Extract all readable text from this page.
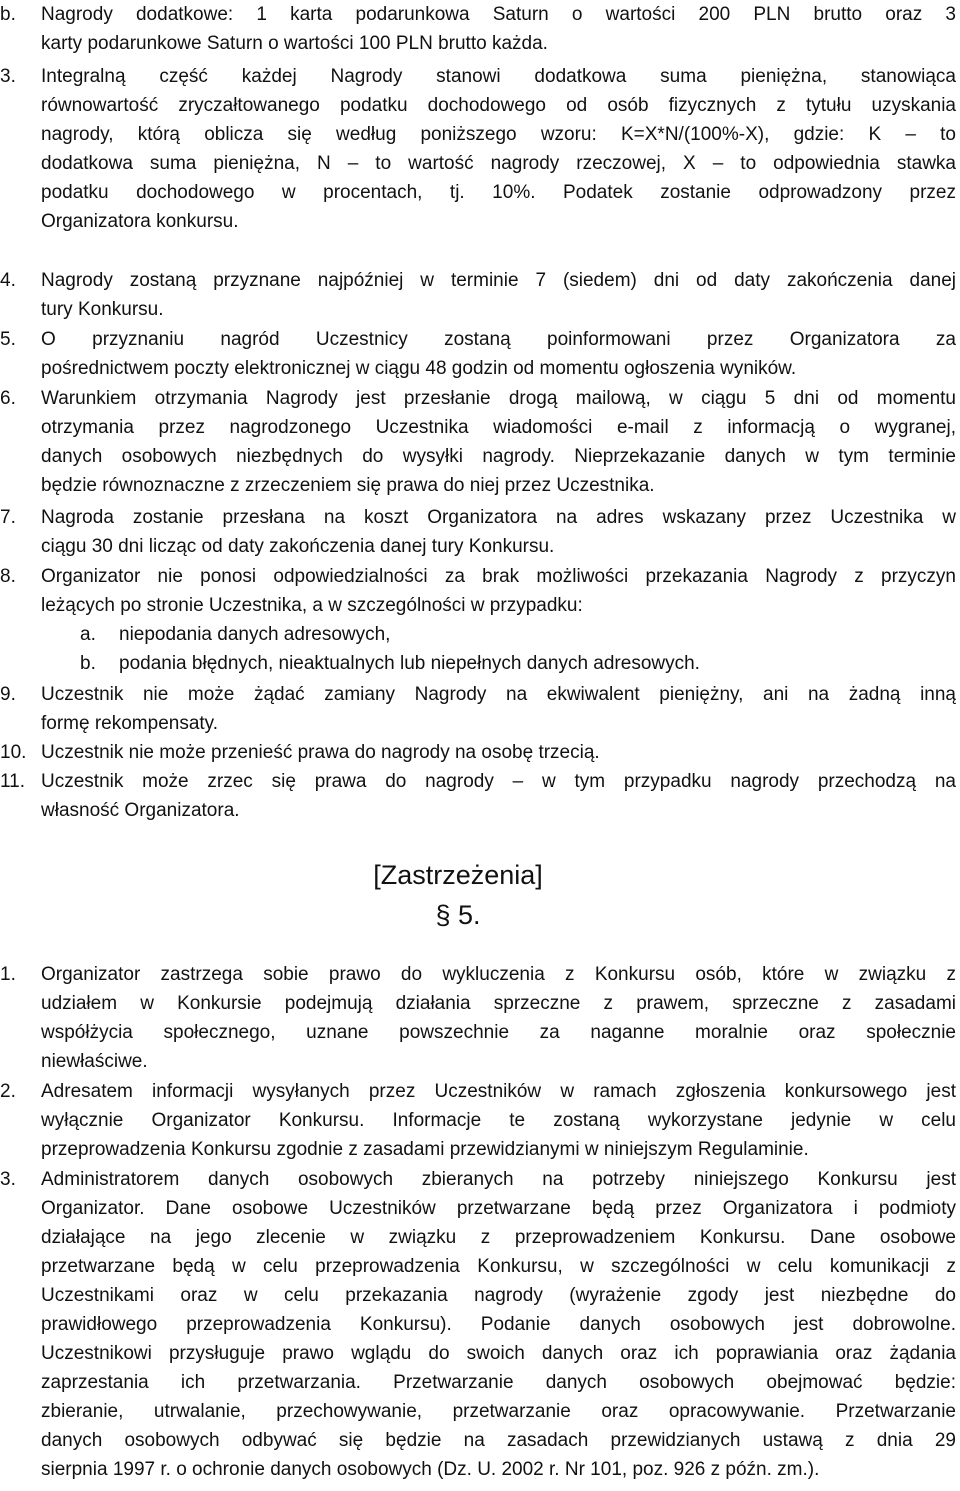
b.	Nagrody dodatkowe: 1 karta podarunkowa Saturn o wartości 200 PLN brutto oraz 3
karty podarunkowe Saturn o wartości 100 PLN brutto każda.
3.	Integralną część każdej Nagrody stanowi dodatkowa suma pieniężna, stanowiąca
równowartość zryczałtowanego podatku dochodowego od osób fizycznych z tytułu uzyskania
nagrody, którą oblicza się według poniższego wzoru: K=X*N/(100%-X), gdzie: K – to
dodatkowa suma pieniężna, N – to wartość nagrody rzeczowej, X – to odpowiednia stawka
podatku dochodowego w procentach, tj. 10%. Podatek zostanie odprowadzony przez
Organizatora konkursu.
4.	Nagrody zostaną przyznane najpóźniej w terminie 7 (siedem) dni od daty zakończenia danej
tury Konkursu.
5.	O przyznaniu nagród Uczestnicy zostaną poinformowani przez Organizatora za
pośrednictwem poczty elektronicznej w ciągu 48 godzin od momentu ogłoszenia wyników.
6.	Warunkiem otrzymania Nagrody jest przesłanie drogą mailową, w ciągu 5 dni od momentu
otrzymania przez nagrodzonego Uczestnika wiadomości e-mail z informacją o wygranej,
danych osobowych niezbędnych do wysyłki nagrody. Nieprzekazanie danych w tym terminie
będzie równoznaczne z zrzeczeniem się prawa do niej przez Uczestnika.
7.	Nagroda zostanie przesłana na koszt Organizatora na adres wskazany przez Uczestnika w
ciągu 30 dni licząc od daty zakończenia danej tury Konkursu.
8.	Organizator nie ponosi odpowiedzialności za brak możliwości przekazania Nagrody z przyczyn
leżących po stronie Uczestnika, a w szczególności w przypadku:
a. niepodania danych adresowych,
b. podania błędnych, nieaktualnych lub niepełnych danych adresowych.
9.	Uczestnik nie może żądać zamiany Nagrody na ekwiwalent pieniężny, ani na żadną inną
formę rekompensaty.
10. Uczestnik nie może przenieść prawa do nagrody na osobę trzecią.
11. Uczestnik może zrzec się prawa do nagrody – w tym przypadku nagrody przechodzą na
własność Organizatora.
[Zastrzeżenia]
§ 5.
1.	Organizator zastrzega sobie prawo do wykluczenia z Konkursu osób, które w związku z
udziałem w Konkursie podejmują działania sprzeczne z prawem, sprzeczne z zasadami
współżycia społecznego, uznane powszechnie za naganne moralnie oraz społecznie
niewłaściwe.
2.	Adresatem informacji wysyłanych przez Uczestników w ramach zgłoszenia konkursowego jest
wyłącznie Organizator Konkursu. Informacje te zostaną wykorzystane jedynie w celu
przeprowadzenia Konkursu zgodnie z zasadami przewidzianymi w niniejszym Regulaminie.
3.	Administratorem danych osobowych zbieranych na potrzeby niniejszego Konkursu jest
Organizator. Dane osobowe Uczestników przetwarzane będą przez Organizatora i podmioty
działające na jego zlecenie w związku z przeprowadzeniem Konkursu. Dane osobowe
przetwarzane będą w celu przeprowadzenia Konkursu, w szczególności w celu komunikacji z
Uczestnikami oraz w celu przekazania nagrody (wyrażenie zgody jest niezbędne do
prawidłowego przeprowadzenia Konkursu). Podanie danych osobowych jest dobrowolne.
Uczestnikowi przysługuje prawo wglądu do swoich danych oraz ich poprawiania oraz żądania
zaprzestania ich przetwarzania. Przetwarzanie danych osobowych obejmować będzie:
zbieranie, utrwalanie, przechowywanie, przetwarzanie oraz opracowywanie. Przetwarzanie
danych osobowych odbywać się będzie na zasadach przewidzianych ustawą z dnia 29
sierpnia 1997 r. o ochronie danych osobowych (Dz. U. 2002 r. Nr 101, poz. 926 z późn. zm.).
